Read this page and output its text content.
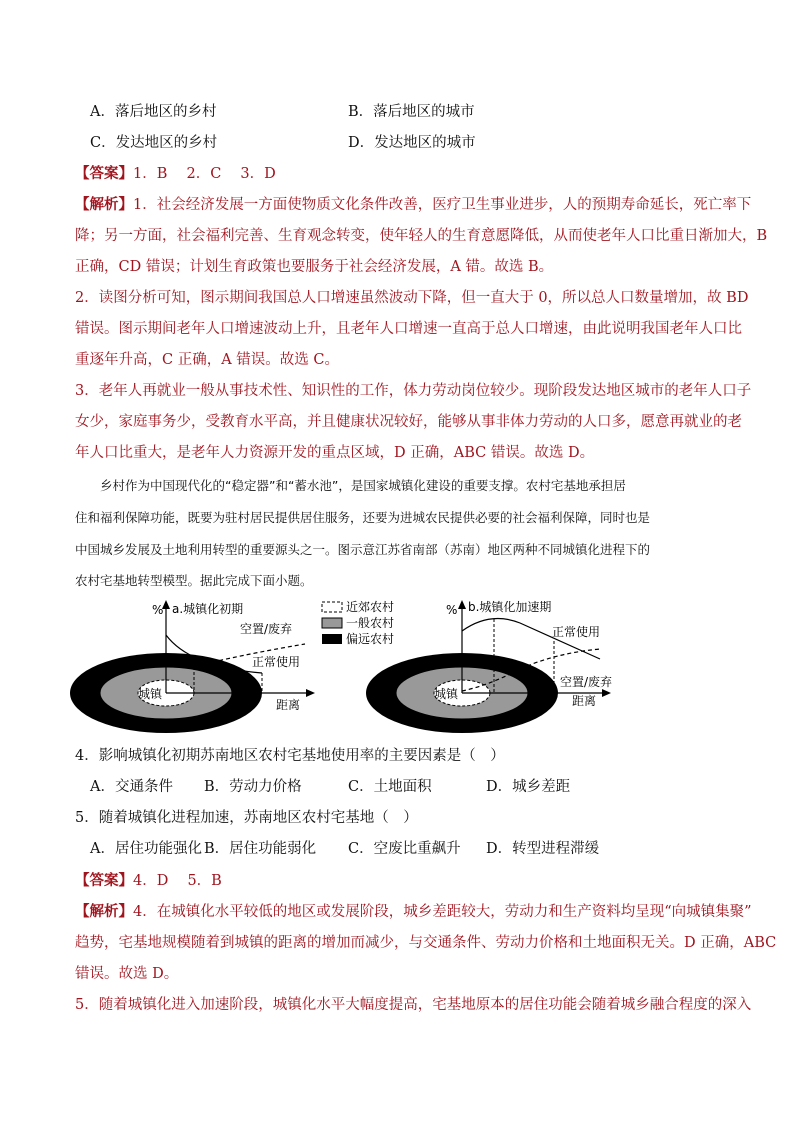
A．落后地区的乡村	B．落后地区的城市
C．发达地区的乡村	D．发达地区的城市
【答案】1．B　 2．C　 3．D
【解析】1．社会经济发展一方面使物质文化条件改善，医疗卫生事业进步，人的预期寿命延长，死亡率下
降；另一方面，社会福利完善、生育观念转变，使年轻人的生育意愿降低，从而使老年人口比重日渐加大，B
正确，CD 错误；计划生育政策也要服务于社会经济发展，A 错。故选 B。
2．读图分析可知，图示期间我国总人口增速虽然波动下降，但一直大于 0，所以总人口数量增加，故 BD
错误。图示期间老年人口增速波动上升，且老年人口增速一直高于总人口增速，由此说明我国老年人口比
重逐年升高，C 正确，A 错误。故选 C。
3．老年人再就业一般从事技术性、知识性的工作，体力劳动岗位较少。现阶段发达地区城市的老年人口子
女少，家庭事务少，受教育水平高，并且健康状况较好，能够从事非体力劳动的人口多，愿意再就业的老
年人口比重大，是老年人力资源开发的重点区域，D 正确，ABC 错误。故选 D。
　　乡村作为中国现代化的“稳定器”和“蓄水池”，是国家城镇化建设的重要支撑。农村宅基地承担居
住和福利保障功能，既要为驻村居民提供居住服务，还要为进城农民提供必要的社会福利保障，同时也是
中国城乡发展及土地利用转型的重要源头之一。图示意江苏省南部（苏南）地区两种不同城镇化进程下的
农村宅基地转型模型。据此完成下面小题。
% a.城镇化初期
空置/废弃
正常使用
城镇
距离
近郊农村
一般农村
偏远农村
% b.城镇化加速期
正常使用
空置/废弃
城镇	距离
4．影响城镇化初期苏南地区农村宅基地使用率的主要因素是（　）
A．交通条件 B．劳动力价格	C．土地面积	D．城乡差距
5．随着城镇化进程加速，苏南地区农村宅基地（　）
A．居住功能强化 B．居住功能弱化 C．空废比重飙升 D．转型进程滞缓
【答案】4．D　 5．B
【解析】4．在城镇化水平较低的地区或发展阶段，城乡差距较大，劳动力和生产资料均呈现“向城镇集聚”
趋势，宅基地规模随着到城镇的距离的增加而减少，与交通条件、劳动力价格和土地面积无关。D 正确，ABC
错误。故选 D。
5．随着城镇化进入加速阶段，城镇化水平大幅度提高，宅基地原本的居住功能会随着城乡融合程度的深入
